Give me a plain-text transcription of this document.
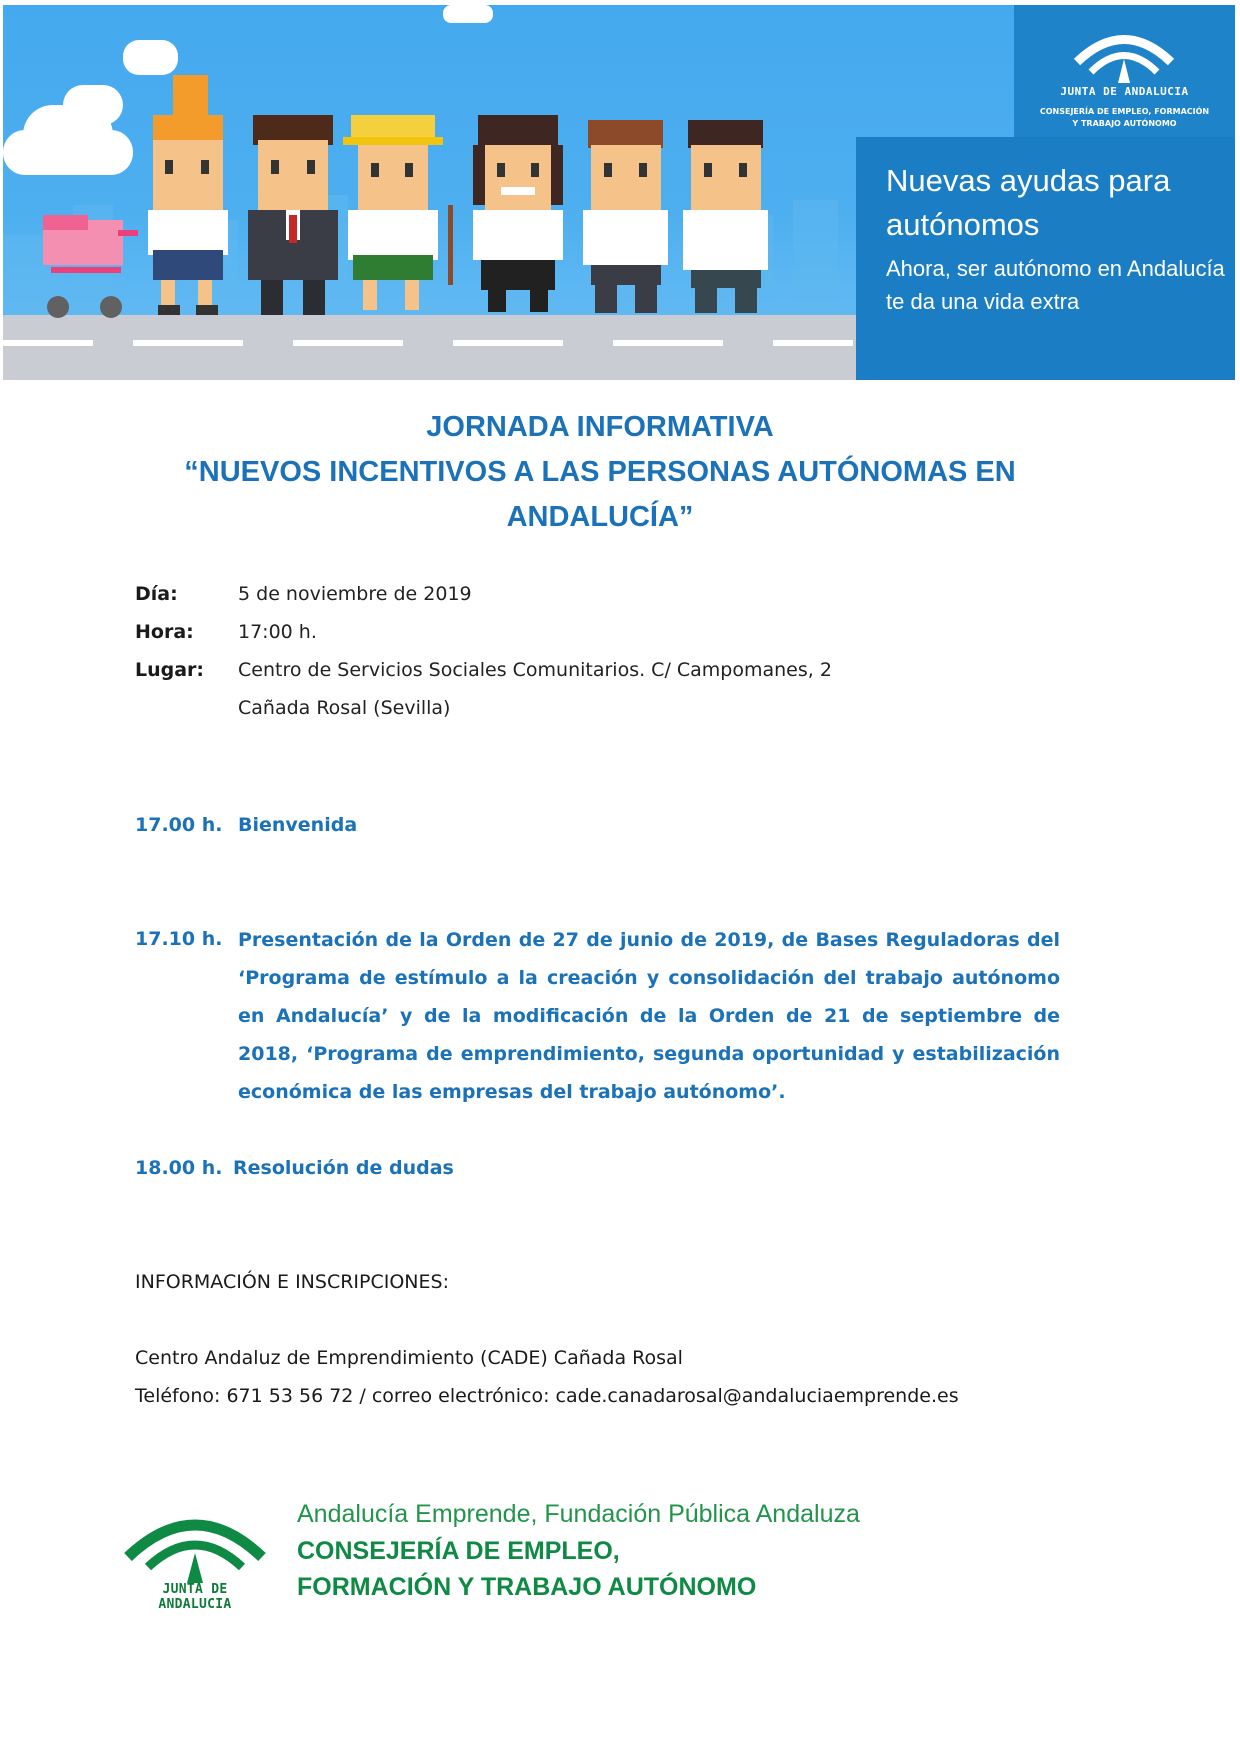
JUNTA DE ANDALUCIA
CONSEJERÍA DE EMPLEO, FORMACIÓN
Y TRABAJO AUTÓNOMO
Nuevas ayudas para autónomos
Ahora, ser autónomo en Andalucía te da una vida extra
JORNADA INFORMATIVA
“NUEVOS INCENTIVOS A LAS PERSONAS AUTÓNOMAS EN
ANDALUCÍA”
Día:	5 de noviembre de 2019
Hora: 17:00 h.
Lugar: Centro de Servicios Sociales Comunitarios. C/ Campomanes, 2
Cañada Rosal (Sevilla)
17.00 h. Bienvenida
17.10 h. Presentación de la Orden de 27 de junio de 2019, de Bases Reguladoras del ‘Programa de estímulo a la creación y consolidación del trabajo autónomo en Andalucía’ y de la modificación de la Orden de 21 de septiembre de 2018, ‘Programa de emprendimiento, segunda oportunidad y estabilización económica de las empresas del trabajo autónomo’.
18.00 h. Resolución de dudas
INFORMACIÓN E INSCRIPCIONES:
Centro Andaluz de Emprendimiento (CADE) Cañada Rosal
Teléfono: 671 53 56 72 / correo electrónico: cade.canadarosal@andaluciaemprende.es
JUNTA DE ANDALUCIA
Andalucía Emprende, Fundación Pública Andaluza
CONSEJERÍA DE EMPLEO,
FORMACIÓN Y TRABAJO AUTÓNOMO
